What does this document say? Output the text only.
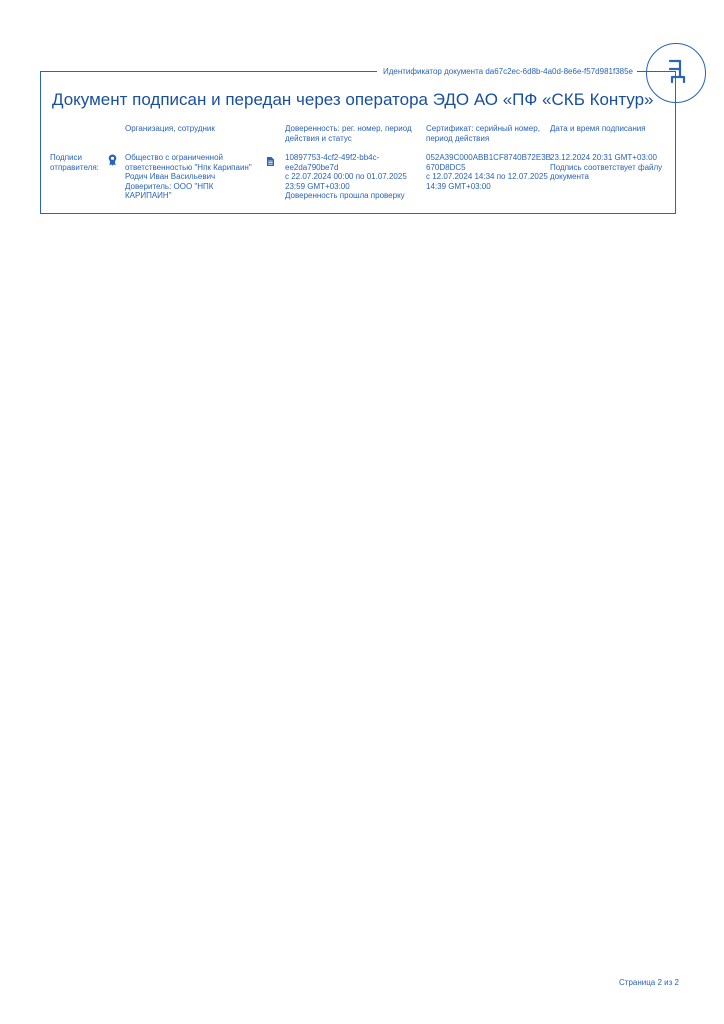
Идентификатор документа da67c2ec-6d8b-4a0d-8e6e-f57d981f385e
Документ подписан и передан через оператора ЭДО АО «ПФ «СКБ Контур»
Организация, сотрудник	Доверенность: рег. номер, период
действия и статус
Сертификат: серийный номер,
период действия
Дата и время подписания
Подписи
отправителя:
Общество с ограниченной
ответственностью "Нпк Карипаин"
Родич Иван Васильевич
Доверитель: ООО "НПК
КАРИПАИН"
10897753-4cf2-49f2-bb4c-
ee2da790be7d
с 22.07.2024 00:00 по 01.07.2025
23:59 GMT+03:00
Доверенность прошла проверку
052A39C000ABB1CF8740B72E3B
670D8DC5
с 12.07.2024 14:34 по 12.07.2025
14:39 GMT+03:00
23.12.2024 20:31 GMT+03:00
Подпись соответствует файлу
документа
Страница 2 из 2
